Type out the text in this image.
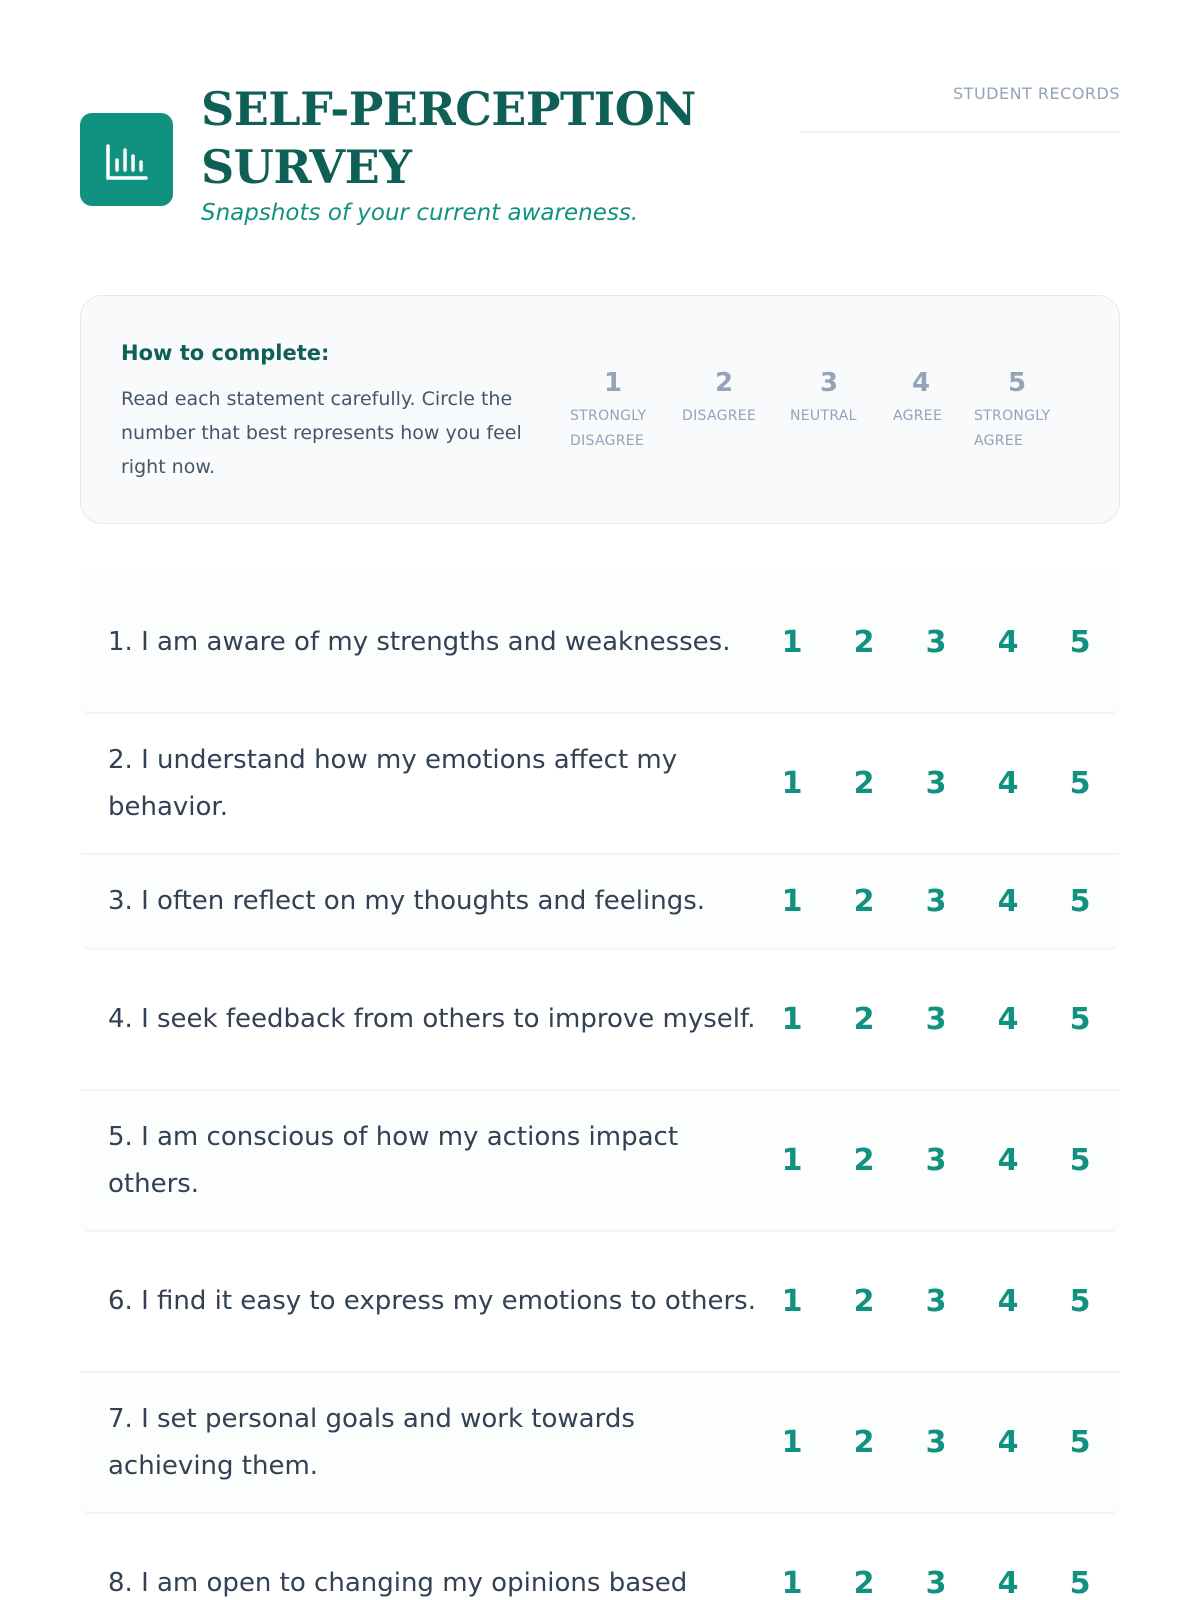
SELF-PERCEPTION
SURVEY
Snapshots of your current awareness.
STUDENT RECORDS
How to complete:
Read each statement carefully. Circle the number that best represents how you feel right now.
1
STRONGLY
DISAGREE
2
DISAGREE
3
NEUTRAL
4
AGREE
5
STRONGLY
AGREE
1. I am aware of my strengths and weaknesses.	1	2	3	4	5
2. I understand how my emotions affect my behavior.
1	2	3	4	5
3. I often reflect on my thoughts and feelings.	1	2	3	4	5
4. I seek feedback from others to improve myself. 1	2	3	4	5
5. I am conscious of how my actions impact others.
1	2	3	4	5
6. I find it easy to express my emotions to others. 1	2	3	4	5
7. I set personal goals and work towards achieving them.
1	2	3	4	5
8. I am open to changing my opinions based	1	2	3	4	5
